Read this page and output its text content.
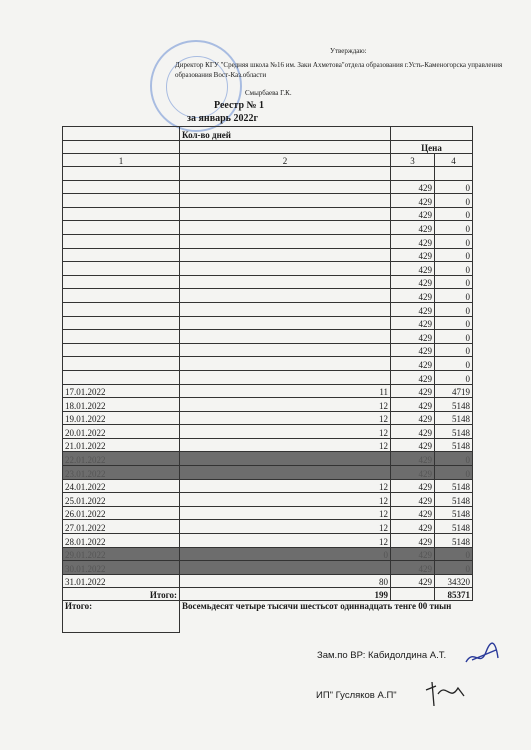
Утверждаю:
Директор КГУ "Средняя школа №16 им. Заки Ахметова"отдела образования г.Усть-Каменогорска управления образования Вост-Каз.области
Смырбаева Г.К.
Реестр № 1
за январь 2022г
	Кол-во дней		
		Цена	
1	2	3	4

		429	0
		429	0
		429	0
		429	0
		429	0
		429	0
		429	0
		429	0
		429	0
		429	0
		429	0
		429	0
		429	0
		429	0
		429	0
17.01.2022	11	429	4719
18.01.2022	12	429	5148
19.01.2022	12	429	5148
20.01.2022	12	429	5148
21.01.2022	12	429	5148
22.01.2022		429	0
23.01.2022		429	0
24.01.2022	12	429	5148
25.01.2022	12	429	5148
26.01.2022	12	429	5148
27.01.2022	12	429	5148
28.01.2022	12	429	5148
29.01.2022	0	429	0
30.01.2022		429	0
31.01.2022	80	429	34320
Итого:	199		85371
Итого:	Восемьдесят четыре тысячи шестьсот одиннадцать тенге 00 тиын		
Зам.по ВР: Кабидолдина А.Т.
ИП" Гусляков А.П"
